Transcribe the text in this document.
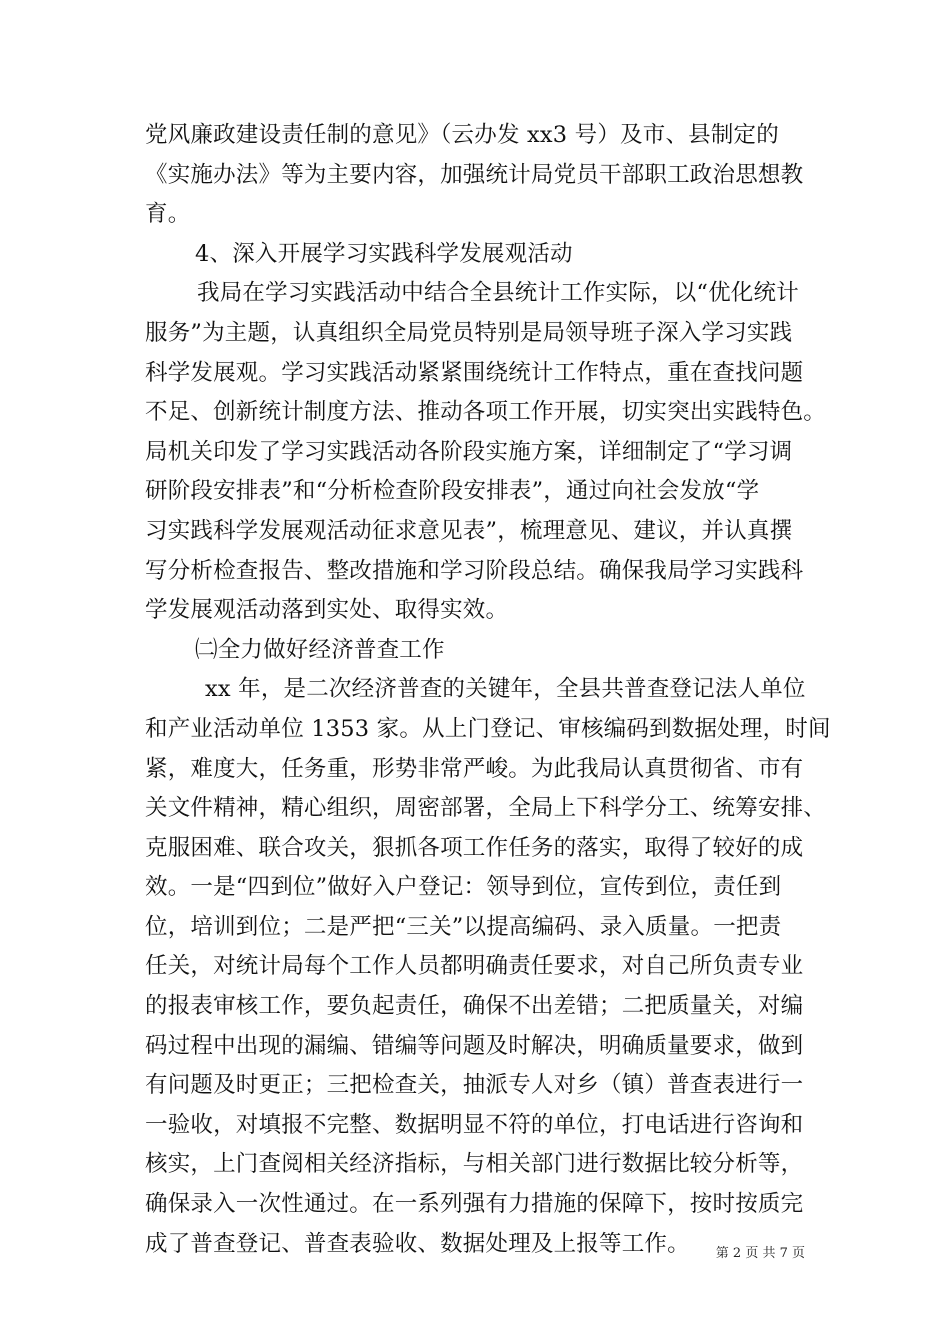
党风廉政建设责任制的意见》（云办发 xx3 号）及市、县制定的
《实施办法》等为主要内容，加强统计局党员干部职工政治思想教
育。
4、深入开展学习实践科学发展观活动
我局在学习实践活动中结合全县统计工作实际，以“优化统计
服务”为主题，认真组织全局党员特别是局领导班子深入学习实践
科学发展观。学习实践活动紧紧围绕统计工作特点，重在查找问题
不足、创新统计制度方法、推动各项工作开展，切实突出实践特色。
局机关印发了学习实践活动各阶段实施方案，详细制定了“学习调
研阶段安排表”和“分析检查阶段安排表”，通过向社会发放“学
习实践科学发展观活动征求意见表”，梳理意见、建议，并认真撰
写分析检查报告、整改措施和学习阶段总结。确保我局学习实践科
学发展观活动落到实处、取得实效。
㈡全力做好经济普查工作
xx 年，是二次经济普查的关键年，全县共普查登记法人单位
和产业活动单位 1353 家。从上门登记、审核编码到数据处理，时间
紧，难度大，任务重，形势非常严峻。为此我局认真贯彻省、市有
关文件精神，精心组织，周密部署，全局上下科学分工、统筹安排、
克服困难、联合攻关，狠抓各项工作任务的落实，取得了较好的成
效。一是“四到位”做好入户登记：领导到位，宣传到位，责任到
位，培训到位；二是严把“三关”以提高编码、录入质量。一把责
任关，对统计局每个工作人员都明确责任要求，对自己所负责专业
的报表审核工作，要负起责任，确保不出差错；二把质量关，对编
码过程中出现的漏编、错编等问题及时解决，明确质量要求，做到
有问题及时更正；三把检查关，抽派专人对乡（镇）普查表进行一
一验收，对填报不完整、数据明显不符的单位，打电话进行咨询和
核实，上门查阅相关经济指标，与相关部门进行数据比较分析等，
确保录入一次性通过。在一系列强有力措施的保障下，按时按质完
成了普查登记、普查表验收、数据处理及上报等工作。	第 2 页 共 7 页
